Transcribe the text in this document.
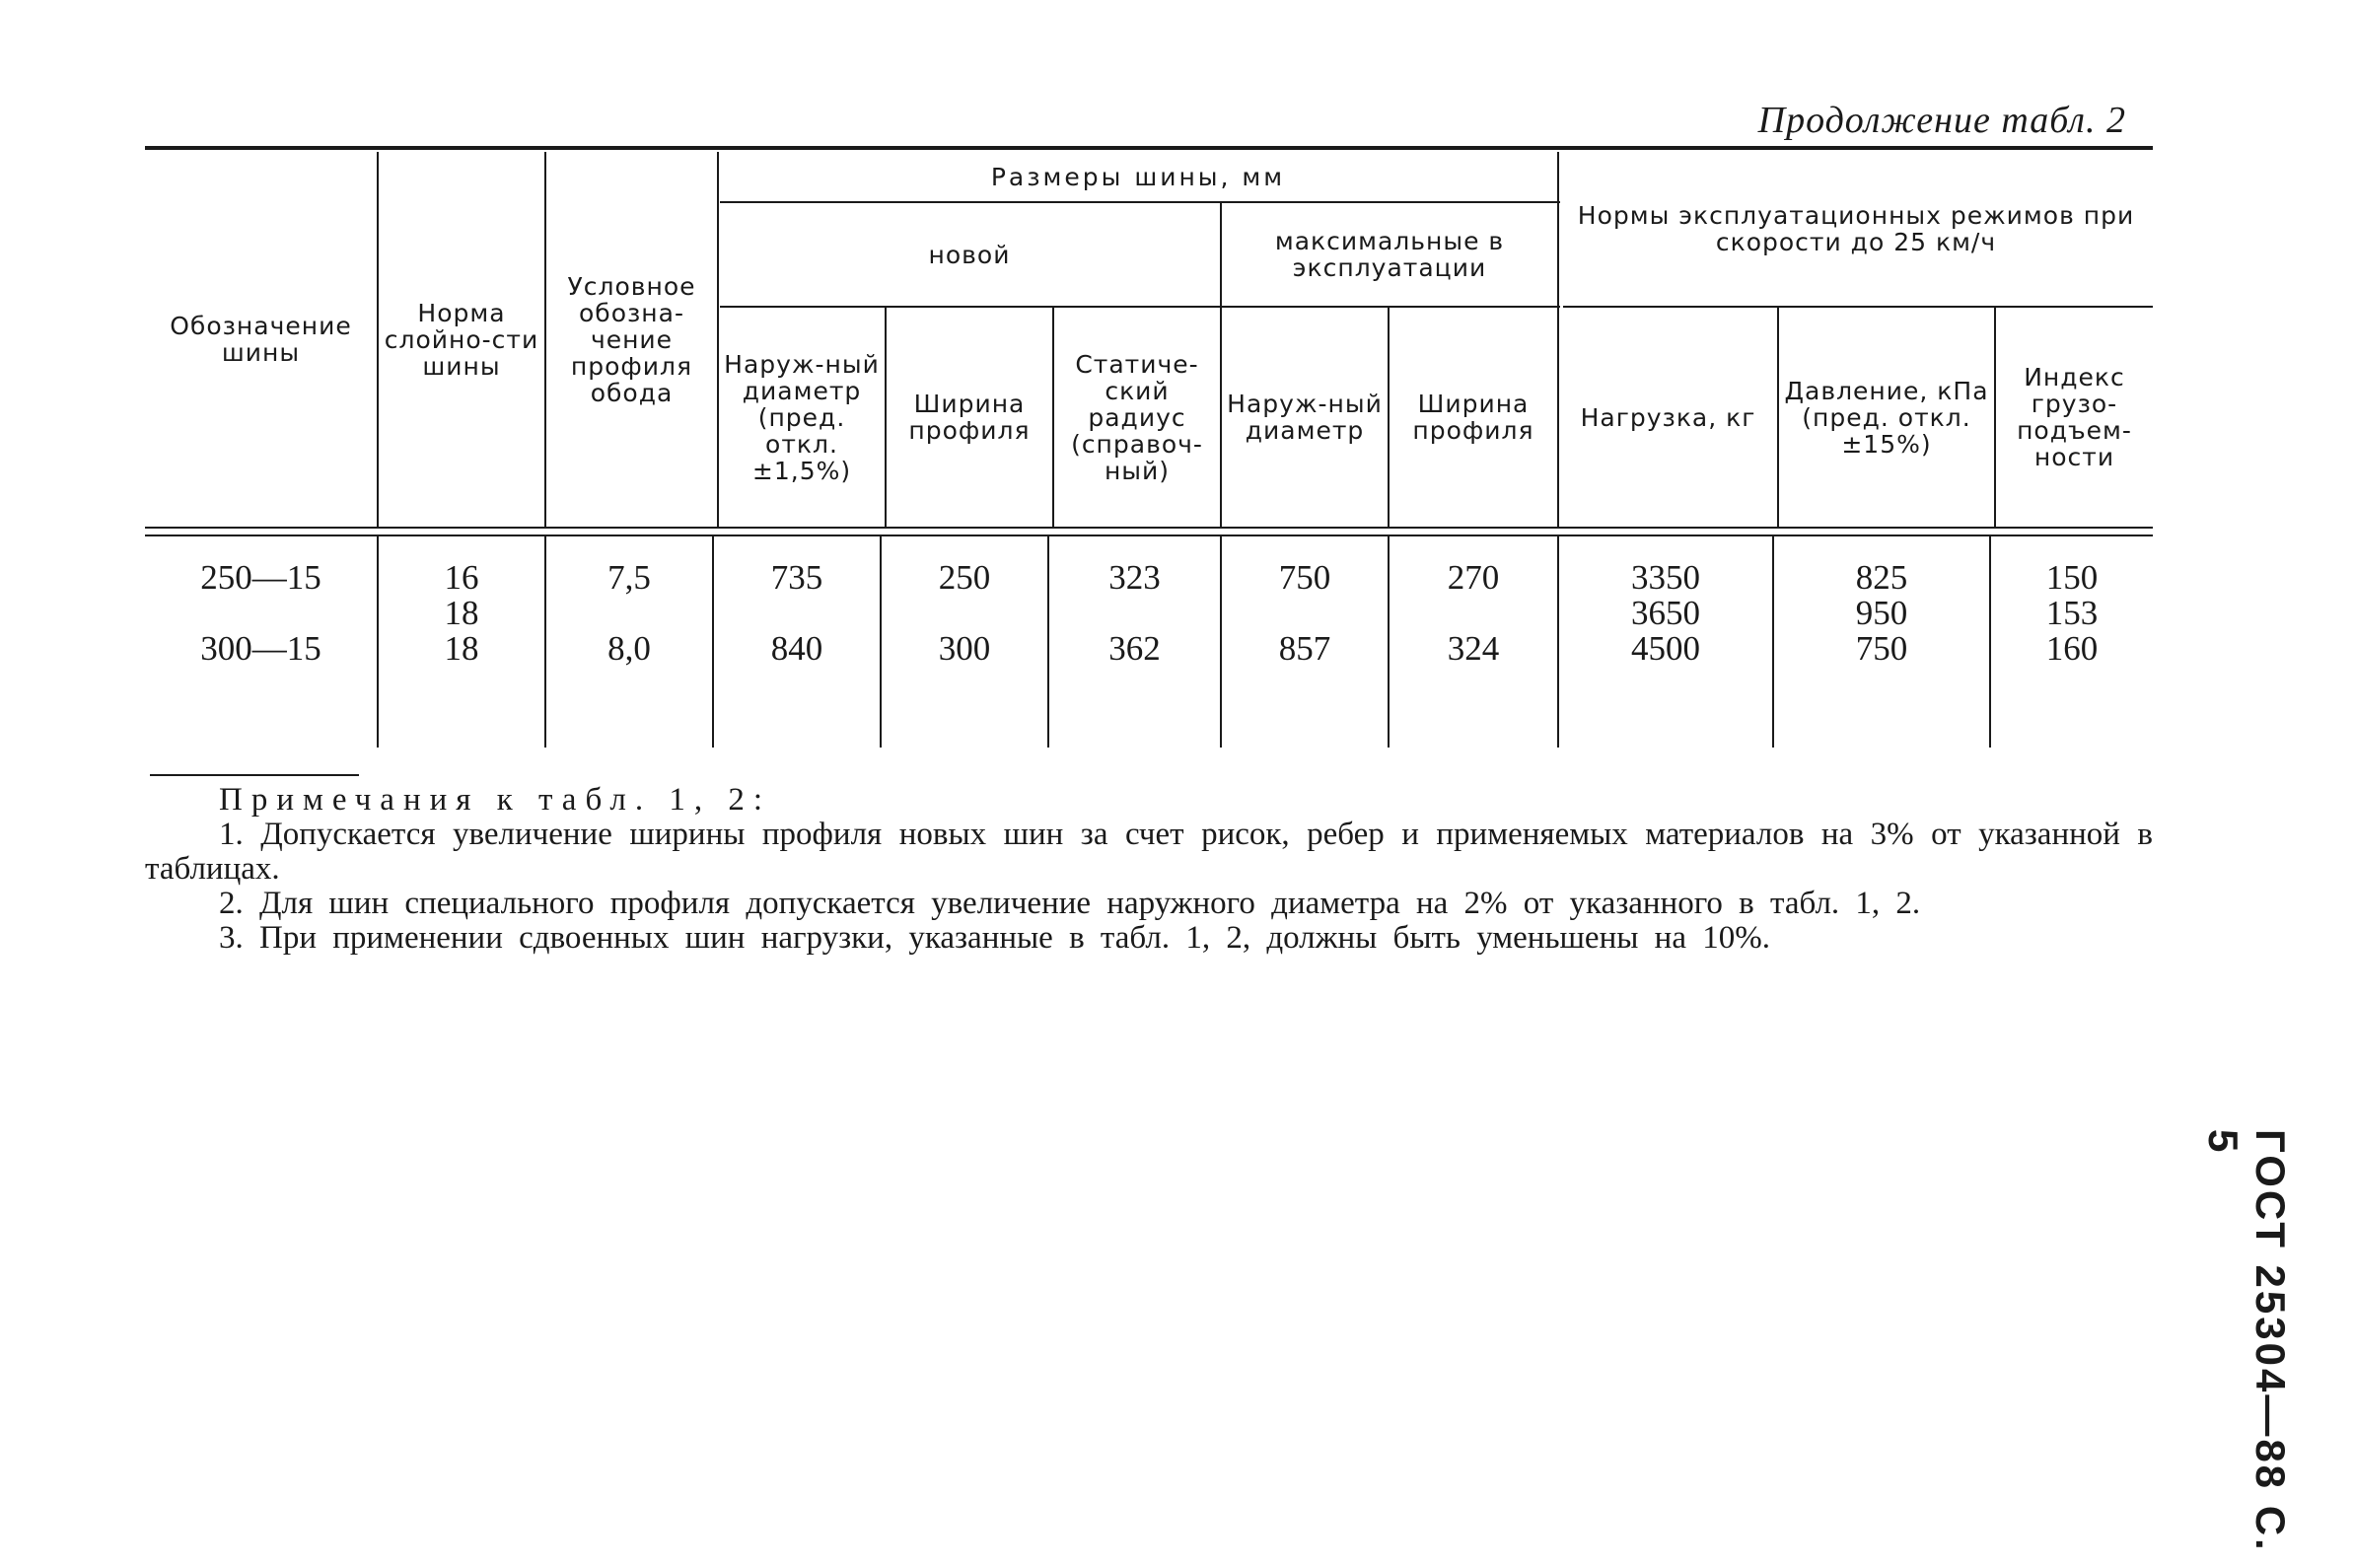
Продолжение табл. 2
Обозначение шины
Норма слойно-сти шины
Условное обозна-чение профиля обода
Размеры шины, мм
новой	максимальные в эксплуатации
Нормы эксплуатационных режимов при скорости до 25 км/ч
Наруж-ный диаметр (пред. откл. ±1,5%)
Ширина профиля
Статиче-ский радиус (справоч-ный)
Наруж-ный диаметр
Ширина профиля	Нагрузка, кг
Давление, кПа (пред. откл. ±15%)
Индекс грузо-подъем-ности
250—15
300—15
16
18
18
7,5
8,0
735
840
250
300
323
362
750
857
270
324
3350
3650
4500
825
950
750
150
153
160
Примечания к табл. 1, 2:
1. Допускается увеличение ширины профиля новых шин за счет рисок, ребер и применяемых материалов на 3% от указанной в таблицах.
2. Для шин специального профиля допускается увеличение наружного диаметра на 2% от указанного в табл. 1, 2.
3. При применении сдвоенных шин нагрузки, указанные в табл. 1, 2, должны быть уменьшены на 10%.
ГОСТ 25304—88 С. 5
